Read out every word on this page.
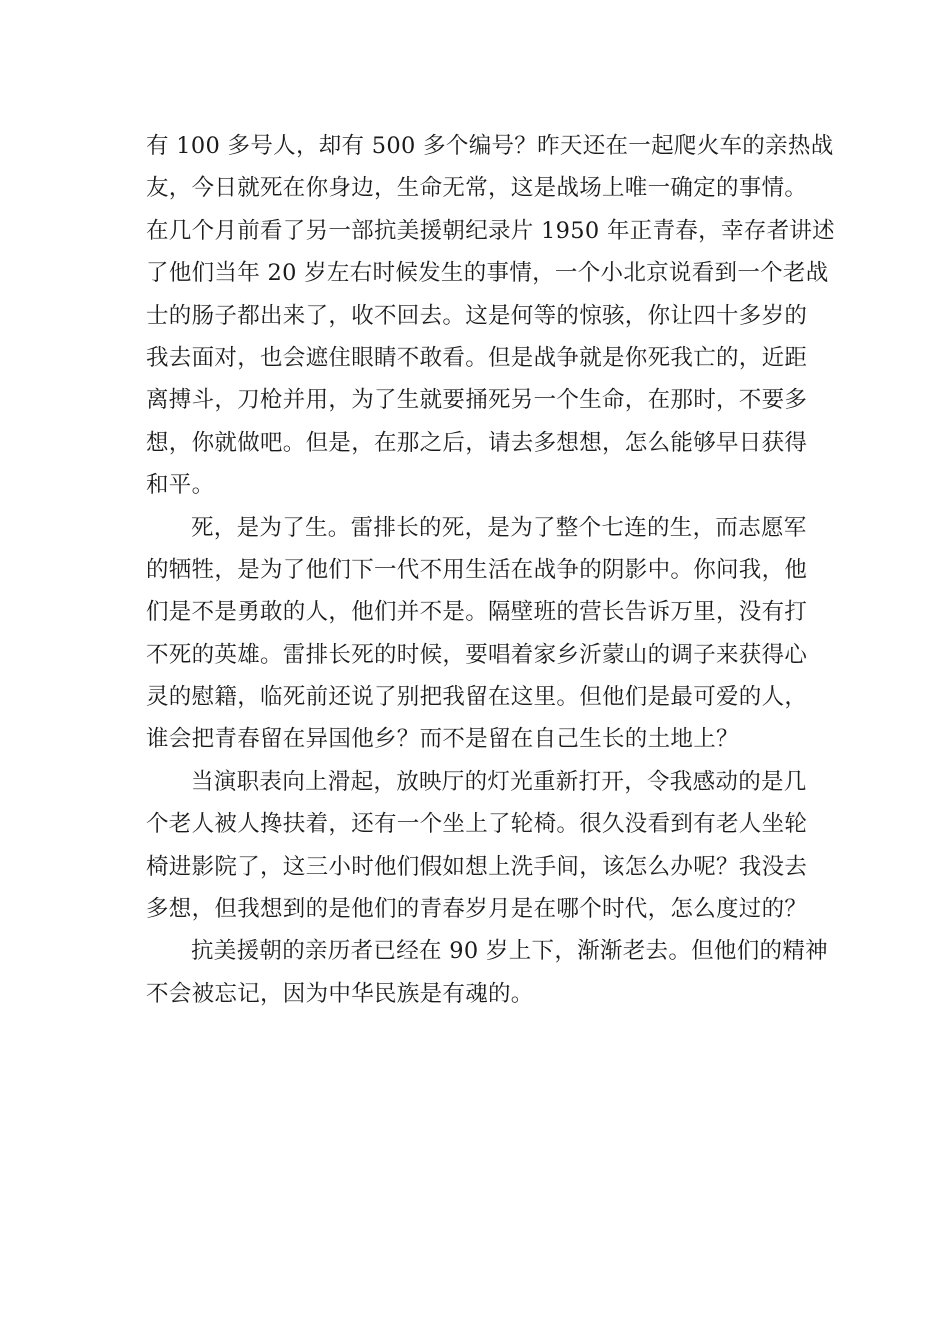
有 100 多号人，却有 500 多个编号？昨天还在一起爬火车的亲热战
友，今日就死在你身边，生命无常，这是战场上唯一确定的事情。
在几个月前看了另一部抗美援朝纪录片 1950 年正青春，幸存者讲述
了他们当年 20 岁左右时候发生的事情，一个小北京说看到一个老战
士的肠子都出来了，收不回去。这是何等的惊骇，你让四十多岁的
我去面对，也会遮住眼睛不敢看。但是战争就是你死我亡的，近距
离搏斗，刀枪并用，为了生就要捅死另一个生命，在那时，不要多
想，你就做吧。但是，在那之后，请去多想想，怎么能够早日获得
和平。
死，是为了生。雷排长的死，是为了整个七连的生，而志愿军
的牺牲，是为了他们下一代不用生活在战争的阴影中。你问我，他
们是不是勇敢的人，他们并不是。隔壁班的营长告诉万里，没有打
不死的英雄。雷排长死的时候，要唱着家乡沂蒙山的调子来获得心
灵的慰籍，临死前还说了别把我留在这里。但他们是最可爱的人，
谁会把青春留在异国他乡？而不是留在自己生长的土地上？
当演职表向上滑起，放映厅的灯光重新打开，令我感动的是几
个老人被人搀扶着，还有一个坐上了轮椅。很久没看到有老人坐轮
椅进影院了，这三小时他们假如想上洗手间，该怎么办呢？我没去
多想，但我想到的是他们的青春岁月是在哪个时代，怎么度过的？
抗美援朝的亲历者已经在 90 岁上下，渐渐老去。但他们的精神
不会被忘记，因为中华民族是有魂的。
